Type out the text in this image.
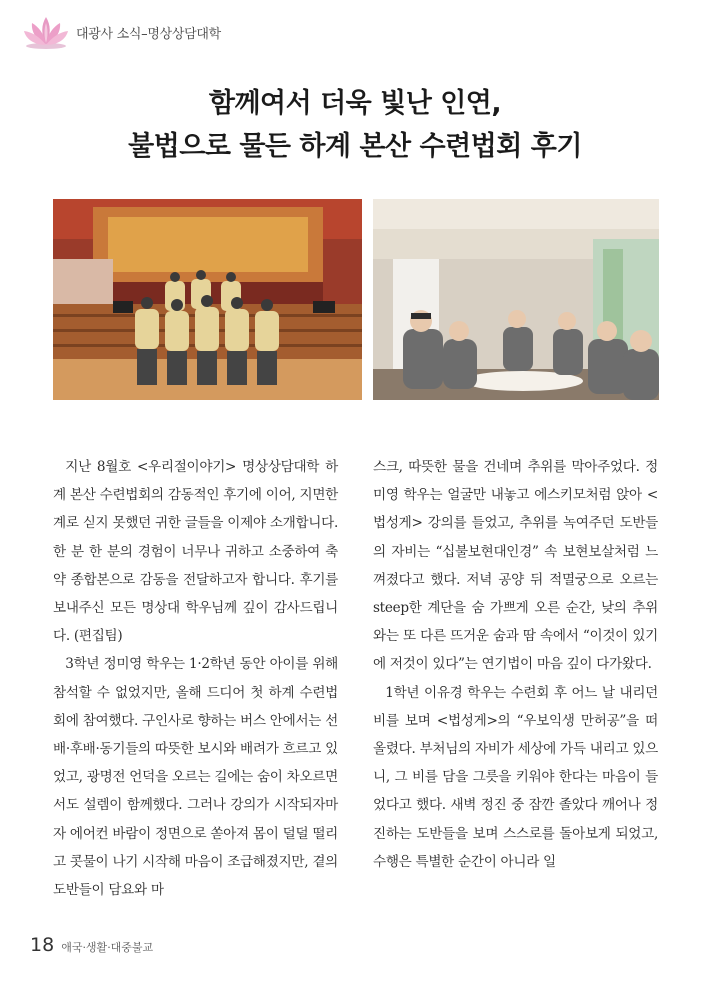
대광사 소식–명상상담대학
함께여서 더욱 빛난 인연,
불법으로 물든 하계 본산 수련법회 후기

지난 8월호 <우리절이야기> 명상상담대학 하계 본산 수련법회의 감동적인 후기에 이어, 지면한계로 싣지 못했던 귀한 글들을 이제야 소개합니다. 한 분 한 분의 경험이 너무나 귀하고 소중하여 축약 종합본으로 감동을 전달하고자 합니다. 후기를 보내주신 모든 명상대 학우님께 깊이 감사드립니다. (편집팀)

3학년 정미영 학우는 1·2학년 동안 아이를 위해 참석할 수 없었지만, 올해 드디어 첫 하계 수련법회에 참여했다. 구인사로 향하는 버스 안에서는 선배·후배·동기들의 따뜻한 보시와 배려가 흐르고 있었고, 광명전 언덕을 오르는 길에는 숨이 차오르면서도 설렘이 함께했다. 그러나 강의가 시작되자마자 에어컨 바람이 정면으로 쏟아져 몸이 덜덜 떨리고 콧물이 나기 시작해 마음이 조급해졌지만, 곁의 도반들이 담요와 마

스크, 따뜻한 물을 건네며 추위를 막아주었다. 정미영 학우는 얼굴만 내놓고 에스키모처럼 앉아 <법성게> 강의를 들었고, 추위를 녹여주던 도반들의 자비는 “십불보현대인경” 속 보현보살처럼 느껴졌다고 했다. 저녁 공양 뒤 적멸궁으로 오르는 steep한 계단을 숨 가쁘게 오른 순간, 낮의 추위와는 또 다른 뜨거운 숨과 땀 속에서 “이것이 있기에 저것이 있다”는 연기법이 마음 깊이 다가왔다.

1학년 이유경 학우는 수련회 후 어느 날 내리던 비를 보며 <법성게>의 “우보익생 만허공”을 떠올렸다. 부처님의 자비가 세상에 가득 내리고 있으니, 그 비를 담을 그릇을 키워야 한다는 마음이 들었다고 했다. 새벽 정진 중 잠깐 졸았다 깨어나 정진하는 도반들을 보며 스스로를 돌아보게 되었고, 수행은 특별한 순간이 아니라 일

18 애국·생활·대중불교
